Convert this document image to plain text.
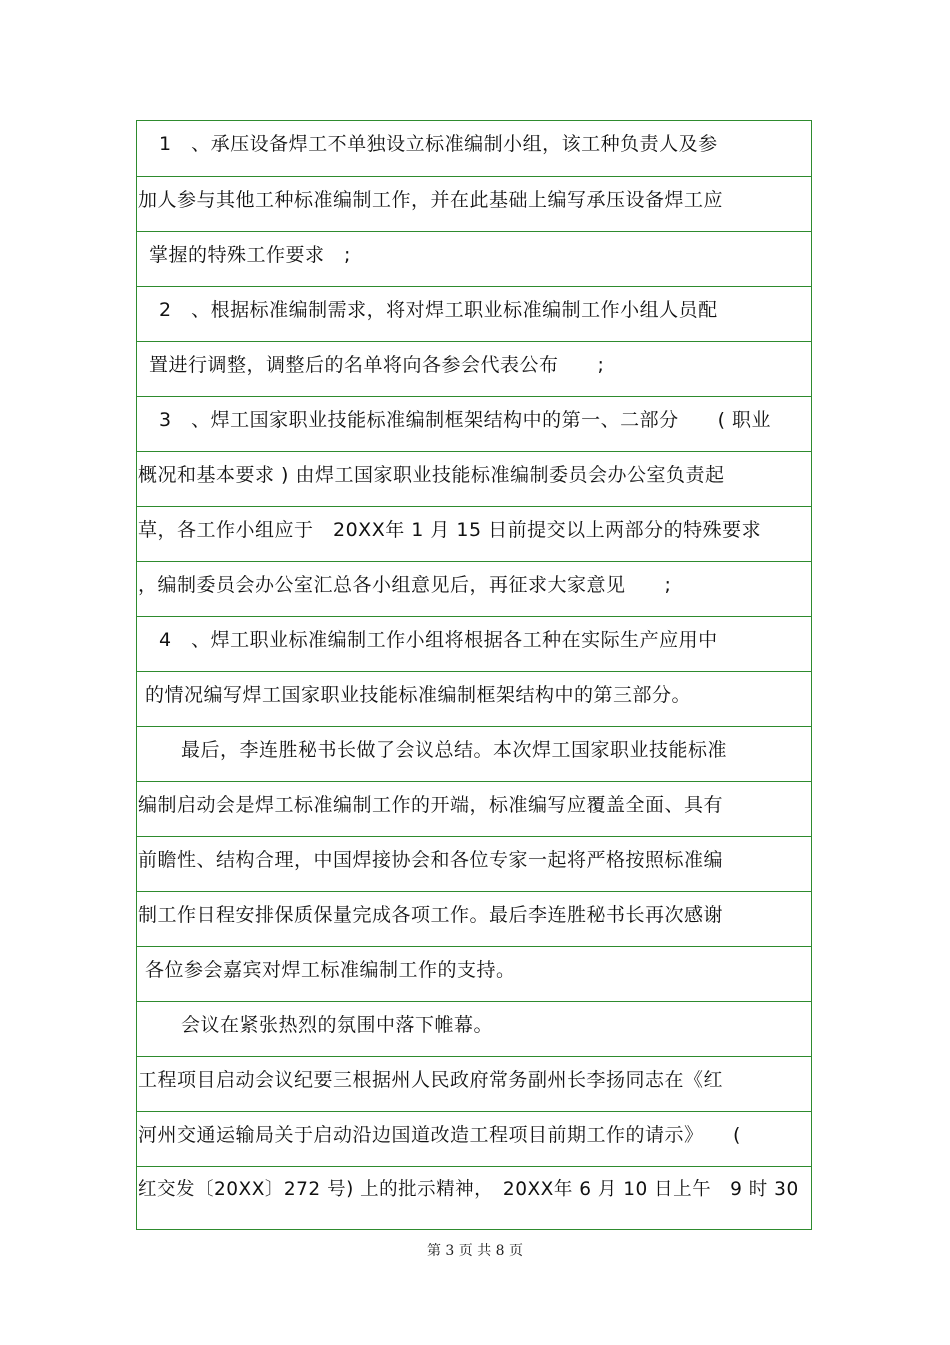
1　、承压设备焊工不单独设立标准编制小组，该工种负责人及参
加人参与其他工种标准编制工作，并在此基础上编写承压设备焊工应
掌握的特殊工作要求　;
2　、根据标准编制需求，将对焊工职业标准编制工作小组人员配
置进行调整，调整后的名单将向各参会代表公布　　;
3　、焊工国家职业技能标准编制框架结构中的第一、二部分　　( 职业
概况和基本要求 ) 由焊工国家职业技能标准编制委员会办公室负责起
草，各工作小组应于　20XX年 1 月 15 日前提交以上两部分的特殊要求
，编制委员会办公室汇总各小组意见后，再征求大家意见　　;
4　、焊工职业标准编制工作小组将根据各工种在实际生产应用中
的情况编写焊工国家职业技能标准编制框架结构中的第三部分。
最后，李连胜秘书长做了会议总结。本次焊工国家职业技能标准
编制启动会是焊工标准编制工作的开端，标准编写应覆盖全面、具有
前瞻性、结构合理，中国焊接协会和各位专家一起将严格按照标准编
制工作日程安排保质保量完成各项工作。最后李连胜秘书长再次感谢
各位参会嘉宾对焊工标准编制工作的支持。
会议在紧张热烈的氛围中落下帷幕。
工程项目启动会议纪要三根据州人民政府常务副州长李扬同志在《红
河州交通运输局关于启动沿边国道改造工程项目前期工作的请示》　　(
红交发〔20XX〕272 号) 上的批示精神，　20XX年 6 月 10 日上午　9 时 30
第 3 页 共 8 页
